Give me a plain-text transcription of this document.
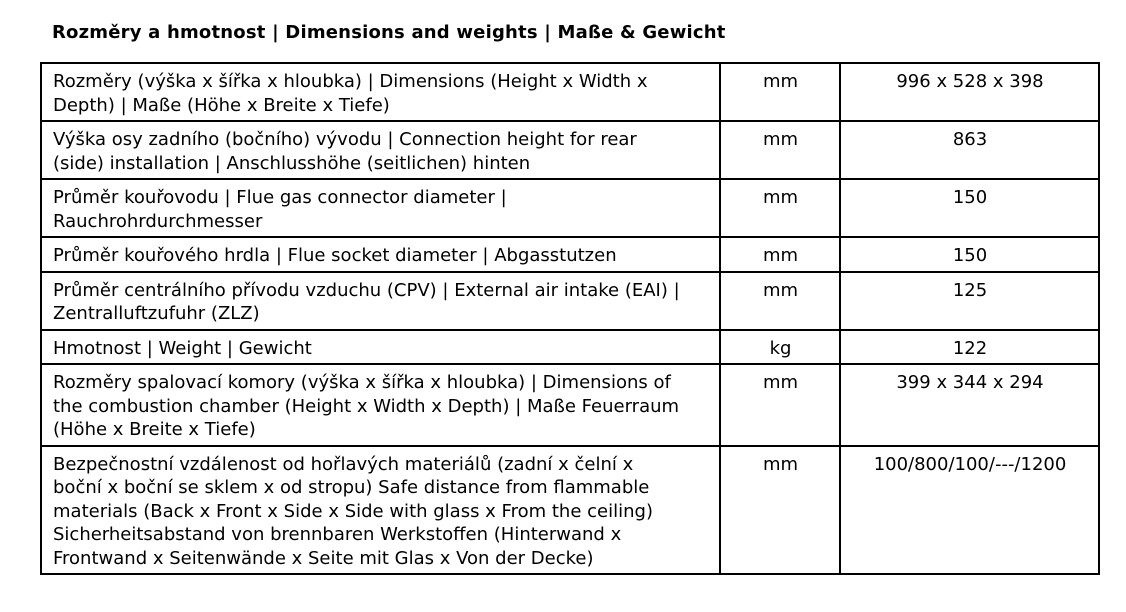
Rozměry a hmotnost | Dimensions and weights | Maße & Gewicht
Rozměry (výška x šířka x hloubka) | Dimensions (Height x Width x
Depth) | Maße (Höhe x Breite x Tiefe)	mm	996 x 528 x 398
Výška osy zadního (bočního) vývodu | Connection height for rear
(side) installation | Anschlusshöhe (seitlichen) hinten	mm	863
Průměr kouřovodu | Flue gas connector diameter |
Rauchrohrdurchmesser	mm	150
Průměr kouřového hrdla | Flue socket diameter | Abgasstutzen	mm	150
Průměr centrálního přívodu vzduchu (CPV) | External air intake (EAI) |
Zentralluftzufuhr (ZLZ)	mm	125
Hmotnost | Weight | Gewicht	kg	122
Rozměry spalovací komory (výška x šířka x hloubka) | Dimensions of
the combustion chamber (Height x Width x Depth) | Maße Feuerraum
(Höhe x Breite x Tiefe)	mm	399 x 344 x 294
Bezpečnostní vzdálenost od hořlavých materiálů (zadní x čelní x
boční x boční se sklem x od stropu) Safe distance from flammable
materials (Back x Front x Side x Side with glass x From the ceiling)
Sicherheitsabstand von brennbaren Werkstoffen (Hinterwand x
Frontwand x Seitenwände x Seite mit Glas x Von der Decke)	mm	100/800/100/---/1200
